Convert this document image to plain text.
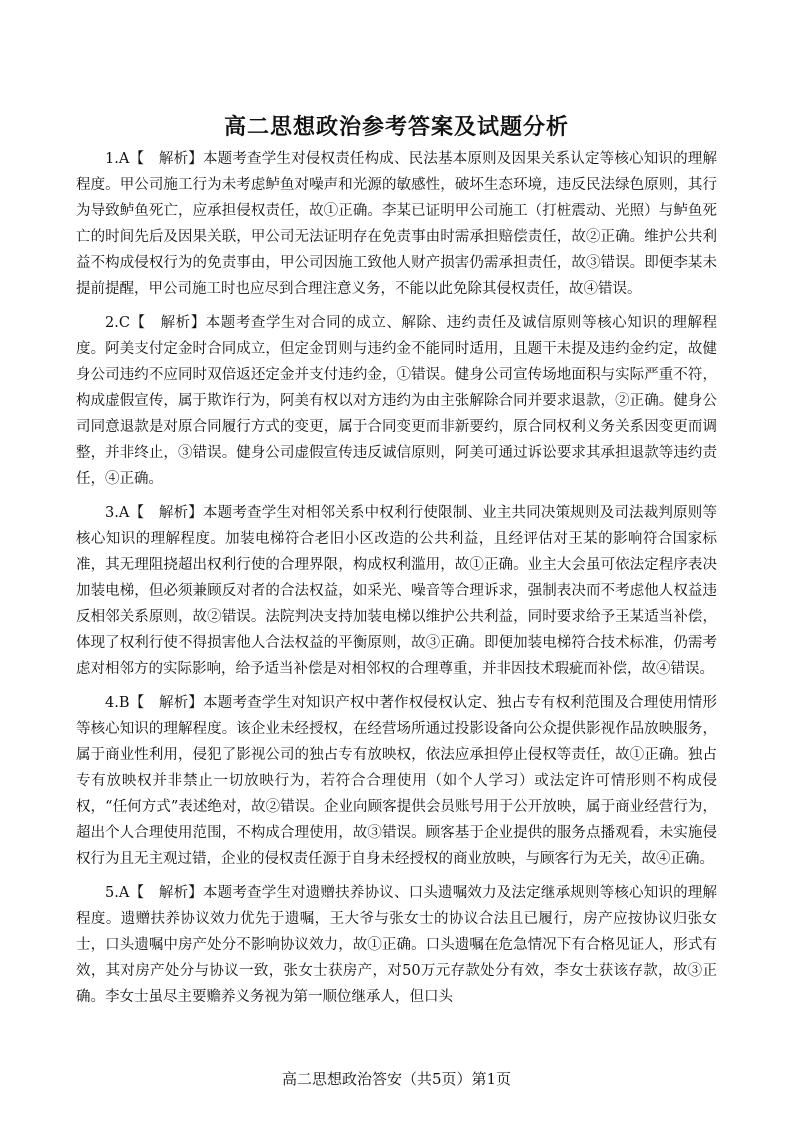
高二思想政治参考答案及试题分析

1.A【　解析】本题考查学生对侵权责任构成、民法基本原则及因果关系认定等核心知识的理解程度。甲公司施工行为未考虑鲈鱼对噪声和光源的敏感性，破坏生态环境，违反民法绿色原则，其行为导致鲈鱼死亡，应承担侵权责任，故①正确。李某已证明甲公司施工（打桩震动、光照）与鲈鱼死亡的时间先后及因果关联，甲公司无法证明存在免责事由时需承担赔偿责任，故②正确。维护公共利益不构成侵权行为的免责事由，甲公司因施工致他人财产损害仍需承担责任，故③错误。即便李某未提前提醒，甲公司施工时也应尽到合理注意义务，不能以此免除其侵权责任，故④错误。

2.C【　解析】本题考查学生对合同的成立、解除、违约责任及诚信原则等核心知识的理解程度。阿美支付定金时合同成立，但定金罚则与违约金不能同时适用，且题干未提及违约金约定，故健身公司违约不应同时双倍返还定金并支付违约金，①错误。健身公司宣传场地面积与实际严重不符，构成虚假宣传，属于欺诈行为，阿美有权以对方违约为由主张解除合同并要求退款，②正确。健身公司同意退款是对原合同履行方式的变更，属于合同变更而非新要约，原合同权利义务关系因变更而调整，并非终止，③错误。健身公司虚假宣传违反诚信原则，阿美可通过诉讼要求其承担退款等违约责任，④正确。

3.A【　解析】本题考查学生对相邻关系中权利行使限制、业主共同决策规则及司法裁判原则等核心知识的理解程度。加装电梯符合老旧小区改造的公共利益，且经评估对王某的影响符合国家标准，其无理阻挠超出权利行使的合理界限，构成权利滥用，故①正确。业主大会虽可依法定程序表决加装电梯，但必须兼顾反对者的合法权益，如采光、噪音等合理诉求，强制表决而不考虑他人权益违反相邻关系原则，故②错误。法院判决支持加装电梯以维护公共利益，同时要求给予王某适当补偿，体现了权利行使不得损害他人合法权益的平衡原则，故③正确。即便加装电梯符合技术标准，仍需考虑对相邻方的实际影响，给予适当补偿是对相邻权的合理尊重，并非因技术瑕疵而补偿，故④错误。

4.B【　解析】本题考查学生对知识产权中著作权侵权认定、独占专有权利范围及合理使用情形等核心知识的理解程度。该企业未经授权，在经营场所通过投影设备向公众提供影视作品放映服务，属于商业性利用，侵犯了影视公司的独占专有放映权，依法应承担停止侵权等责任，故①正确。独占专有放映权并非禁止一切放映行为，若符合合理使用（如个人学习）或法定许可情形则不构成侵权，“任何方式”表述绝对，故②错误。企业向顾客提供会员账号用于公开放映，属于商业经营行为，超出个人合理使用范围，不构成合理使用，故③错误。顾客基于企业提供的服务点播观看，未实施侵权行为且无主观过错，企业的侵权责任源于自身未经授权的商业放映，与顾客行为无关，故④正确。

5.A【　解析】本题考查学生对遗赠扶养协议、口头遗嘱效力及法定继承规则等核心知识的理解程度。遗赠扶养协议效力优先于遗嘱，王大爷与张女士的协议合法且已履行，房产应按协议归张女士，口头遗嘱中房产处分不影响协议效力，故①正确。口头遗嘱在危急情况下有合格见证人，形式有效，其对房产处分与协议一致，张女士获房产，对50万元存款处分有效，李女士获该存款，故③正确。李女士虽尽主要赡养义务视为第一顺位继承人，但口头

高二思想政治答安（共5页）第1页
